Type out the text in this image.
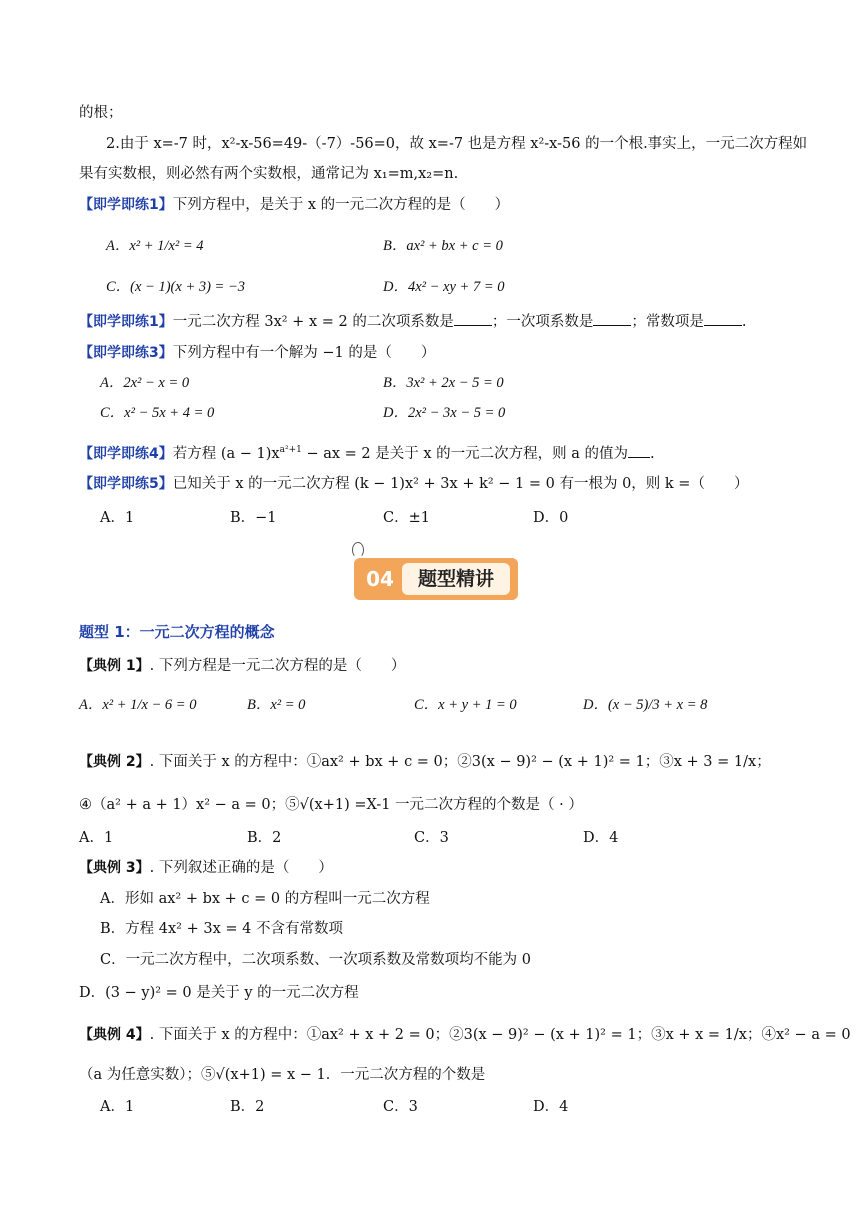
的根；
2.由于 x=-7 时，x²-x-56=49-（-7）-56=0，故 x=-7 也是方程 x²-x-56 的一个根.事实上，一元二次方程如
果有实数根，则必然有两个实数根，通常记为 x₁=m,x₂=n.
【即学即练1】下列方程中，是关于 x 的一元二次方程的是（　　）
A．x² + 1/x² = 4	B．ax² + bx + c = 0
C．(x − 1)(x + 3) = −3	D．4x² − xy + 7 = 0
【即学即练1】一元二次方程 3x² + x = 2 的二次项系数是	；一次项系数是	；常数项是	.
【即学即练3】下列方程中有一个解为 −1 的是（　　）
A．2x² − x = 0	B．3x² + 2x − 5 = 0
C．x² − 5x + 4 = 0	D．2x² − 3x − 5 = 0
【即学即练4】若方程 $(a - 1)x^{a^2+1}$ − ax = 2 是关于 x 的一元二次方程，则 a 的值为 .
【即学即练5】已知关于 x 的一元二次方程 (k − 1)x² + 3x + k² − 1 = 0 有一根为 0，则 k =（　　）
A．1	B．−1	C．±1	D．0
04	题型精讲
题型 1：一元二次方程的概念
【典例 1】. 下列方程是一元二次方程的是（　　）
A．x² + 1/x − 6 = 0	B．x² = 0	C．x + y + 1 = 0	D．(x − 5)/3 + x = 8
【典例 2】. 下面关于 x 的方程中：①ax² + bx + c = 0；②3(x − 9)² − (x + 1)² = 1；③x + 3 = 1/x；
④（a² + a + 1）x² − a = 0；⑤√(x+1) =X-1 一元二次方程的个数是（ · ）
A．1	B．2	C．3	D．4
【典例 3】. 下列叙述正确的是（　　）
A．形如 ax² + bx + c = 0 的方程叫一元二次方程
B．方程 4x² + 3x = 4 不含有常数项
C．一元二次方程中，二次项系数、一次项系数及常数项均不能为 0
D．(3 − y)² = 0 是关于 y 的一元二次方程
【典例 4】. 下面关于 x 的方程中：①ax² + x + 2 = 0；②3(x − 9)² − (x + 1)² = 1；③x + x = 1/x；④x² − a = 0
（a 为任意实数）；⑤√(x+1) = x − 1．一元二次方程的个数是
A．1	B．2	C．3	D．4
